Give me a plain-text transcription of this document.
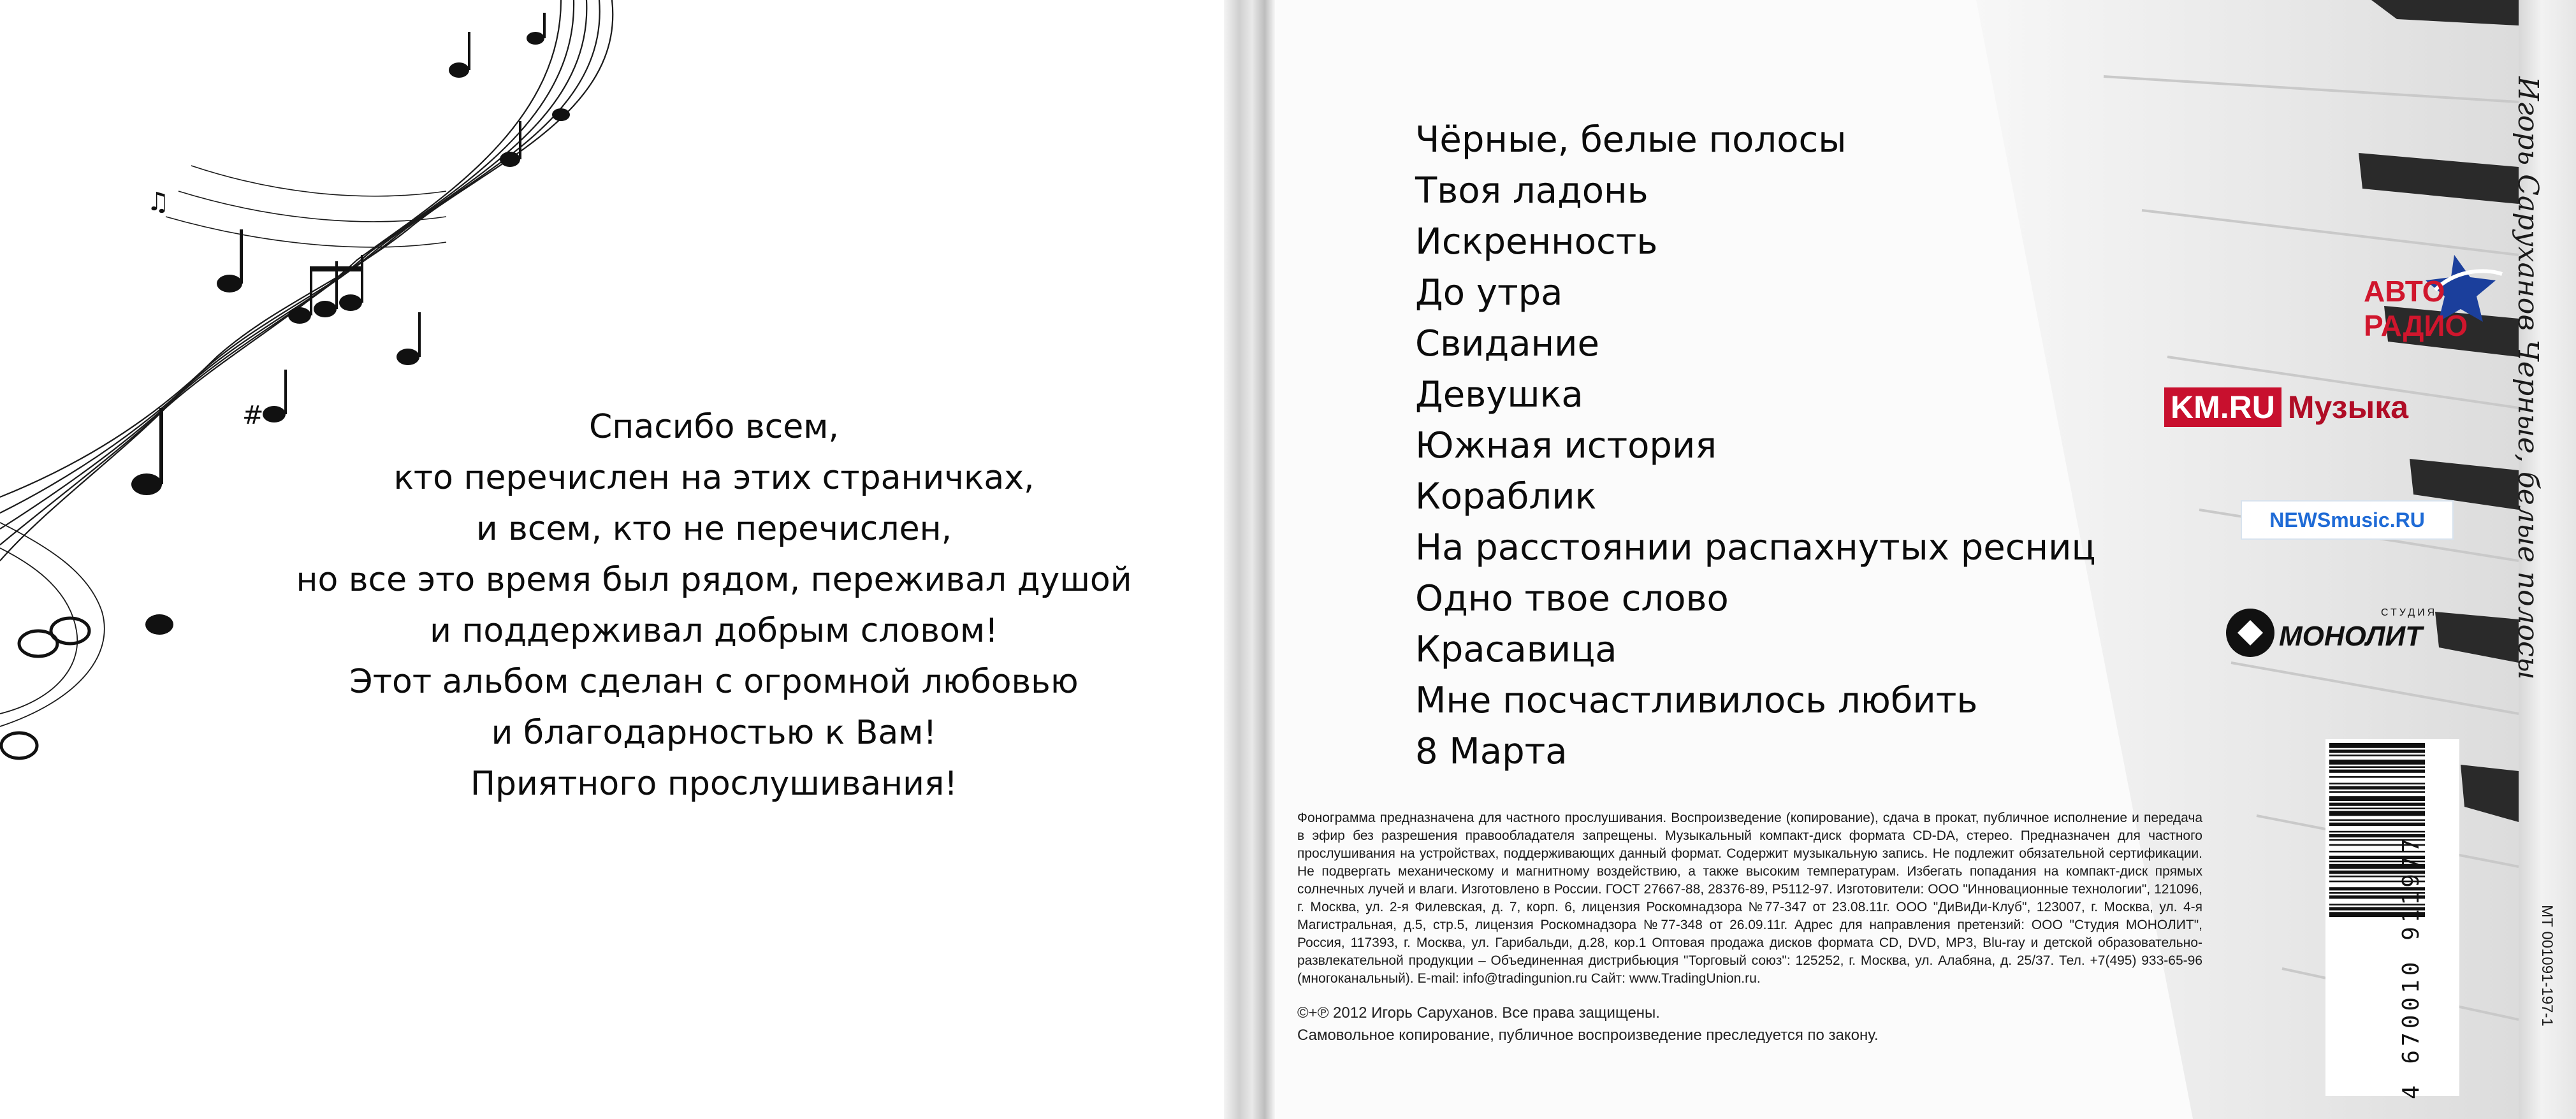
#
♫
Спасибо всем,
кто перечислен на этих страничках,
и всем, кто не перечислен,
но все это время был рядом, переживал душой
и поддерживал добрым словом!
Этот альбом сделан с огромной любовью
и благодарностью к Вам!
Приятного прослушивания!
Чёрные, белые полосы
Твоя ладонь
Искренность
До утра
Свидание
Девушка
Южная история
Кораблик
На расстоянии распахнутых ресниц
Одно твое слово
Красавица
Мне посчастливилось любить
8 Марта
АВТО
РАДИО
KM.RU Музыка
NEWSmusic.RU
СТУДИЯ
МОНОЛИТ
4 670010 911977
Фонограмма предназначена для частного прослушивания. Воспроизведение (копирование), сдача в прокат, публичное исполнение и передача в эфир без разрешения правообладателя запрещены. Музыкальный компакт-диск формата CD-DA, стерео. Предназначен для частного прослушивания на устройствах, поддерживающих данный формат. Содержит музыкальную запись. Не подлежит обязательной сертификации. Не подвергать механическому и магнитному воздействию, а также высоким температурам. Избегать попадания на компакт-диск прямых солнечных лучей и влаги. Изготовлено в России. ГОСТ 27667-88, 28376-89, Р5112-97. Изготовители: ООО "Инновационные технологии", 121096, г. Москва, ул. 2-я Филевская, д. 7, корп. 6, лицензия Роскомнадзора №77-347 от 23.08.11г. ООО "ДиВиДи-Клуб", 123007, г. Москва, ул. 4-я Магистральная, д.5, стр.5, лицензия Роскомнадзора №77-348 от 26.09.11г. Адрес для направления претензий: ООО "Студия МОНОЛИТ", Россия, 117393, г. Москва, ул. Гарибальди, д.28, кор.1 Оптовая продажа дисков формата CD, DVD, MP3, Blu-ray и детской образовательно-развлекательной продукции – Объединенная дистрибьюция "Торговый союз": 125252, г. Москва, ул. Алабяна, д. 25/37. Тел. +7(495) 933-65-96 (многоканальный). E-mail: info@tradingunion.ru Сайт: www.TradingUnion.ru.
©+℗ 2012 Игорь Саруханов. Все права защищены.
Самовольное копирование, публичное воспроизведение преследуется по закону.
Игорь Саруханов Черные, белые полосы
МТ 001091-197-1
